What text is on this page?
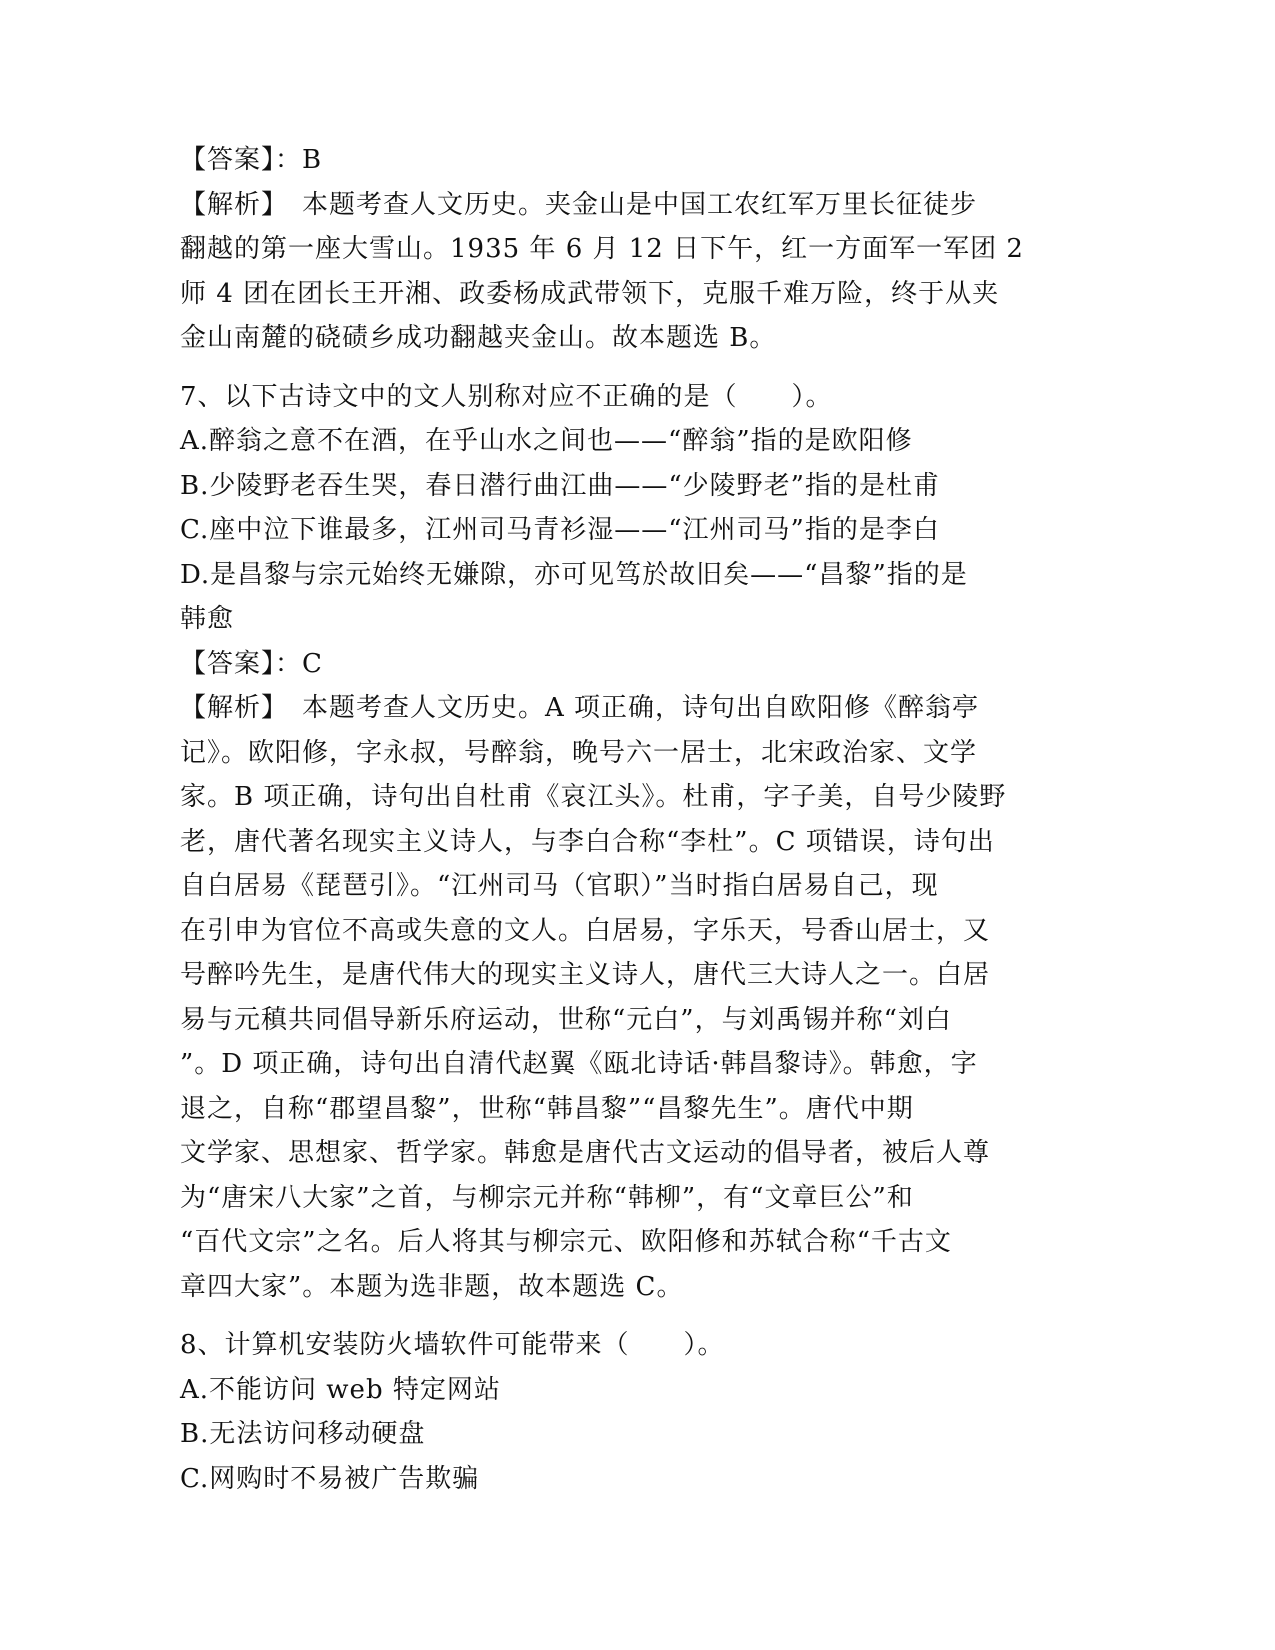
【答案】：B
【解析】　本题考查人文历史。夹金山是中国工农红军万里长征徒步
翻越的第一座大雪山。1935 年 6 月 12 日下午，红一方面军一军团 2
师 4 团在团长王开湘、政委杨成武带领下，克服千难万险，终于从夹
金山南麓的硗碛乡成功翻越夹金山。故本题选 B。
7、以下古诗文中的文人别称对应不正确的是（　　）。
A.醉翁之意不在酒，在乎山水之间也——“醉翁”指的是欧阳修
B.少陵野老吞生哭，春日潜行曲江曲——“少陵野老”指的是杜甫
C.座中泣下谁最多，江州司马青衫湿——“江州司马”指的是李白
D.是昌黎与宗元始终无嫌隙，亦可见笃於故旧矣——“昌黎”指的是
韩愈
【答案】：C
【解析】　本题考查人文历史。A 项正确，诗句出自欧阳修《醉翁亭
记》。欧阳修，字永叔，号醉翁，晚号六一居士，北宋政治家、文学
家。B 项正确，诗句出自杜甫《哀江头》。杜甫，字子美，自号少陵野
老，唐代著名现实主义诗人，与李白合称“李杜”。C 项错误，诗句出
自白居易《琵琶引》。“江州司马（官职）”当时指白居易自己，现
在引申为官位不高或失意的文人。白居易，字乐天，号香山居士，又
号醉吟先生，是唐代伟大的现实主义诗人，唐代三大诗人之一。白居
易与元稹共同倡导新乐府运动，世称“元白”，与刘禹锡并称“刘白
”。D 项正确，诗句出自清代赵翼《瓯北诗话·韩昌黎诗》。韩愈，字
退之，自称“郡望昌黎”，世称“韩昌黎”“昌黎先生”。唐代中期
文学家、思想家、哲学家。韩愈是唐代古文运动的倡导者，被后人尊
为“唐宋八大家”之首，与柳宗元并称“韩柳”，有“文章巨公”和
“百代文宗”之名。后人将其与柳宗元、欧阳修和苏轼合称“千古文
章四大家”。本题为选非题，故本题选 C。
8、计算机安装防火墙软件可能带来（　　）。
A.不能访问 web 特定网站
B.无法访问移动硬盘
C.网购时不易被广告欺骗
